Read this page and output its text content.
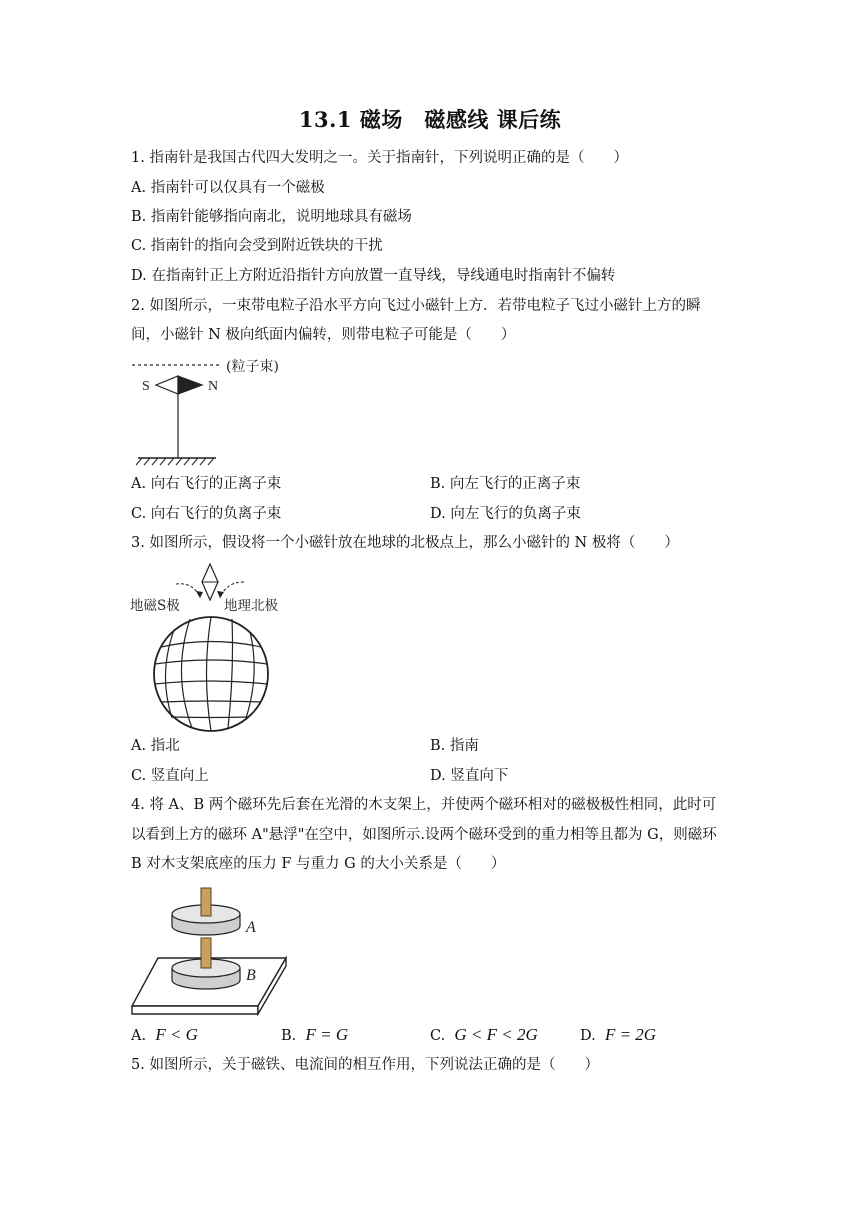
13.1 磁场　磁感线 课后练
1. 指南针是我国古代四大发明之一。关于指南针，下列说明正确的是（　　）
A. 指南针可以仅具有一个磁极
B. 指南针能够指向南北，说明地球具有磁场
C. 指南针的指向会受到附近铁块的干扰
D. 在指南针正上方附近沿指针方向放置一直导线，导线通电时指南针不偏转
2. 如图所示，一束带电粒子沿水平方向飞过小磁针上方．若带电粒子飞过小磁针上方的瞬
间，小磁针 N 极向纸面内偏转，则带电粒子可能是（　　）
(粒子束)
S	N
A. 向右飞行的正离子束	B. 向左飞行的正离子束
C. 向右飞行的负离子束	D. 向左飞行的负离子束
3. 如图所示，假设将一个小磁针放在地球的北极点上，那么小磁针的 N 极将（　　）
地磁S极	地理北极
A. 指北	B. 指南
C. 竖直向上	D. 竖直向下
4. 将 A、B 两个磁环先后套在光滑的木支架上，并使两个磁环相对的磁极极性相同，此时可
以看到上方的磁环 A"悬浮"在空中，如图所示.设两个磁环受到的重力相等且都为 G，则磁环
B 对木支架底座的压力 F 与重力 G 的大小关系是（　　）
A
B
A. F < G	B. F = G	C. G < F < 2G	D. F = 2G
5. 如图所示，关于磁铁、电流间的相互作用，下列说法正确的是（　　）
